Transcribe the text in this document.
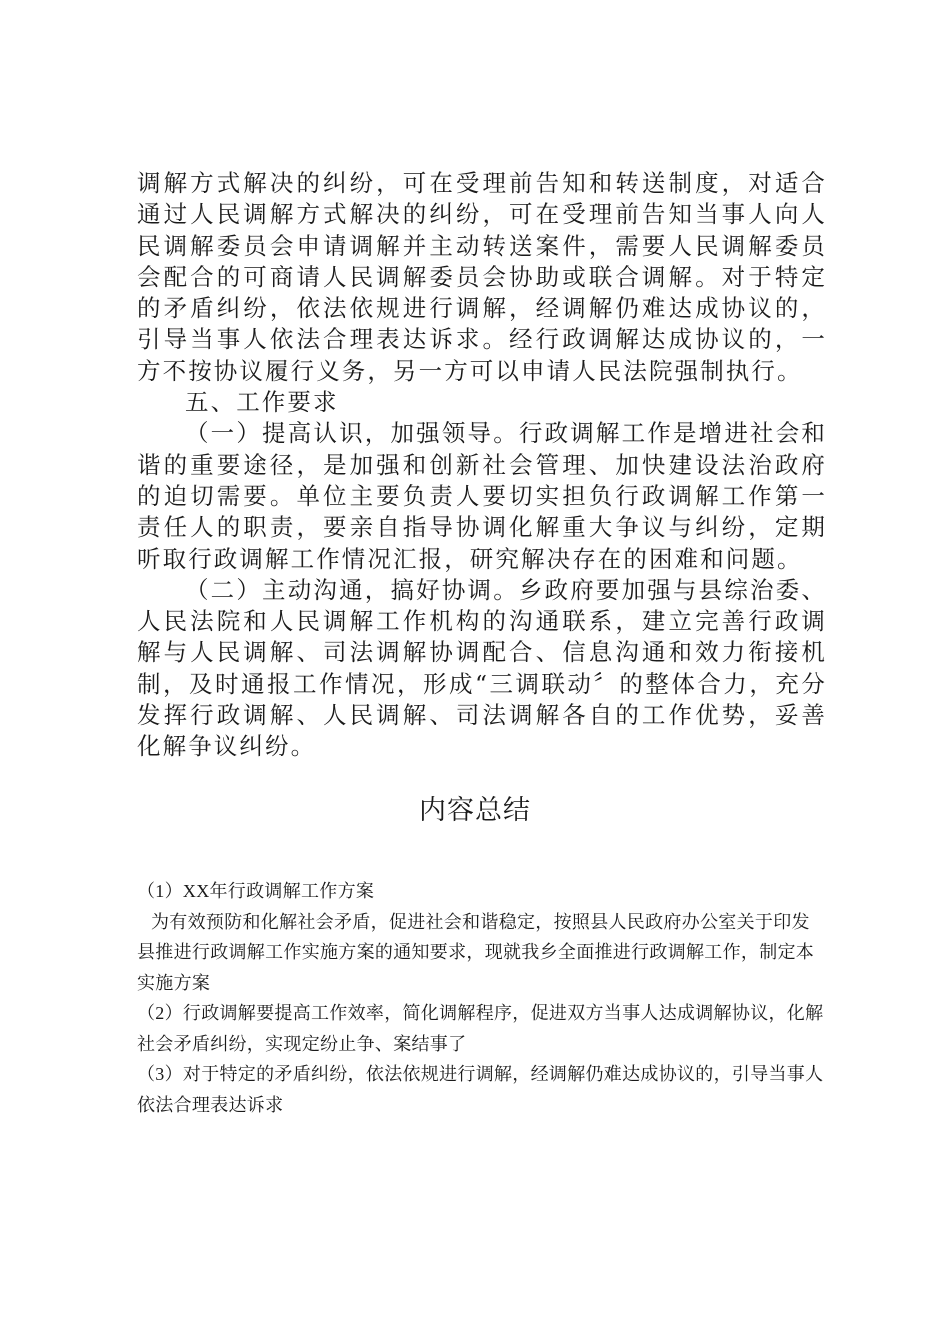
调解方式解决的纠纷，可在受理前告知和转送制度，对适合通过人民调解方式解决的纠纷，可在受理前告知当事人向人民调解委员会申请调解并主动转送案件，需要人民调解委员会配合的可商请人民调解委员会协助或联合调解。对于特定的矛盾纠纷，依法依规进行调解，经调解仍难达成协议的，引导当事人依法合理表达诉求。经行政调解达成协议的，一方不按协议履行义务，另一方可以申请人民法院强制执行。

五、工作要求

（一）提高认识，加强领导。行政调解工作是增进社会和谐的重要途径，是加强和创新社会管理、加快建设法治政府的迫切需要。单位主要负责人要切实担负行政调解工作第一责任人的职责，要亲自指导协调化解重大争议与纠纷，定期听取行政调解工作情况汇报，研究解决存在的困难和问题。

（二）主动沟通，搞好协调。乡政府要加强与县综治委、人民法院和人民调解工作机构的沟通联系，建立完善行政调解与人民调解、司法调解协调配合、信息沟通和效力衔接机制，及时通报工作情况，形成“三调联动〞的整体合力，充分发挥行政调解、人民调解、司法调解各自的工作优势，妥善化解争议纠纷。

内容总结

（1）XX年行政调解工作方案

为有效预防和化解社会矛盾，促进社会和谐稳定，按照县人民政府办公室关于印发县推进行政调解工作实施方案的通知要求，现就我乡全面推进行政调解工作，制定本实施方案

（2）行政调解要提高工作效率，简化调解程序，促进双方当事人达成调解协议，化解社会矛盾纠纷，实现定纷止争、案结事了

（3）对于特定的矛盾纠纷，依法依规进行调解，经调解仍难达成协议的，引导当事人依法合理表达诉求
